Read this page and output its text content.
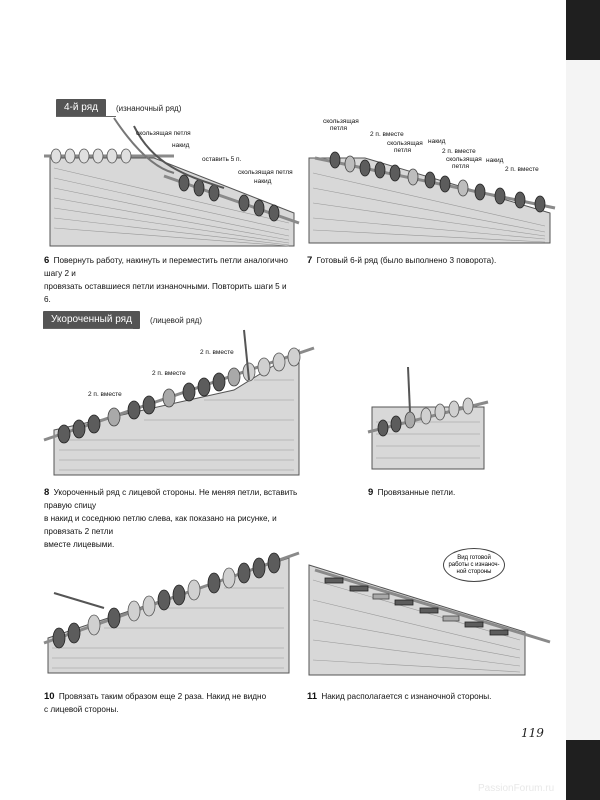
4-й ряд	(изнаночный ряд)
скользящая петля
накид
оставить 5 п.
скользящая петля
накид
6 Повернуть работу, накинуть и переместить петли аналогично шагу 2 и
провязать оставшиеся петли изнаночными. Повторить шаги 5 и 6.
скользящая
петля
2 п. вместе
скользящая
петля
накид
2 п. вместе
скользящая
петля
накид
2 п. вместе
7 Готовый 6-й ряд (было выполнено 3 поворота).
Укороченный ряд	(лицевой ряд)
2 п. вместе
2 п. вместе
2 п. вместе
8 Укороченный ряд с лицевой стороны. Не меняя петли, вставить правую спицу
в накид и соседнюю петлю слева, как показано на рисунке, и провязать 2 петли
вместе лицевыми.
9 Провязанные петли.
10 Провязать таким образом еще 2 раза. Накид не видно
с лицевой стороны.
Вид готовой
работы с изнаноч-
ной стороны
11 Накид располагается с изнаночной стороны.
119
PassionForum.ru
